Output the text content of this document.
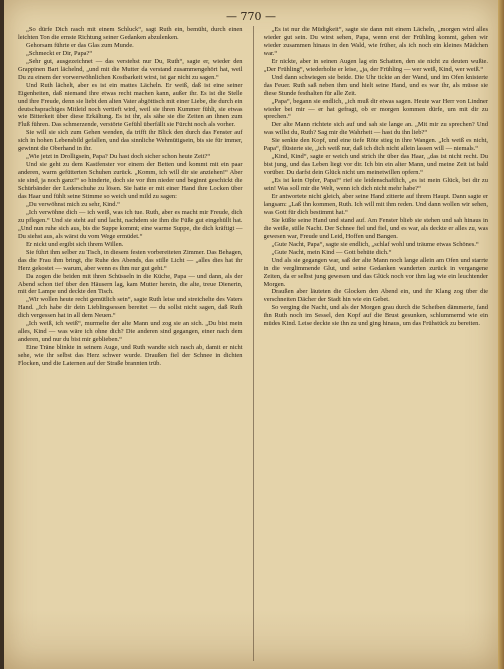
— 770 —

„So dürfe Dich rasch mit einem Schluck“, sagt Ruth ein, bemüht, durch einen leichten Ton die ernste Richtung seiner Gedanken abzulenken.

Gehorsam führte er das Glas zum Munde.

„Schmeckt er Dir, Papa?“

„Sehr gut, ausgezeichnet — das verstehst nur Du, Ruth“, sagte er, wieder den Grappinen Bart lächelnd, „und mit die Mutter da verstand zusammengehört hat, weil Du zu einem der vorwerwöhnlichen Kostbarkeit wirst, ist gar nicht zu sagen.“

Und Ruth lächelt, aber es ist ein mattes Lächeln. Er weiß, daß ist eine seiner Eigenheiten, daß niemand ihre etwas recht machen kann, außer ihr. Es ist die Stelle und ihre Freude, denn sie liebt den alten Vater abgöttisch mit einer Liebe, die durch ein deutschsprachiges Mitleid noch vertieft wird, weil sie ihren Kummer fühlt, sie etwas wie Bitterkeit über diese Erkältung. Es ist ihr, als sähe sie die Zeiten an ihnen zum Fluß führen. Das schmerzende, verstörte Gefühl überfällt sie Fürcht noch als vorher.

Sie will sie sich zum Gehen wenden, da trifft ihr Blick den durch das Fenster auf sich in hohen Lebensbild gefallen, und das sinnliche Wehmütigsein, bis sie für immer, gewinnt die Oberhand in ihr.

„Wie jetzt in Drolligsein, Papa? Du hast doch sicher schon heute Zeit?“

Und sie geht zu dem Kastfenster vor einem der Betten und kommt mit ein paar anderen, warm gefütterten Schuhen zurück. „Komm, ich will dir sie anziehen!“ Aber sie sind, ja noch ganz!“ so hinderte, doch sie vor ihm nieder und beginnt geschickt die Schürbänder der Lederschuhe zu lösen. Sie hatte er mit einer Hand ihre Locken über das Haar und fühlt seine Stimme so weich und mild zu sagen:

„Du verwöhnst mich zu sehr, Kind.“

„Ich verwöhne dich — ich weiß, was ich tue. Ruth, aber es macht mir Freude, dich zu pflegen.“ Und sie steht auf und lacht, nachdem sie ihm die Füße gut eingehüllt hat. „Und nun ruhe sich aus, bis die Suppe kommt; eine warme Suppe, die dich kräftigt — Du siehst aus, als wärst du vom Wege ermüdet.“

Er nickt und ergibt sich ihrem Willen.

Sie führt ihm selber zu Tisch, in diesem festen vorbereiteten Zimmer. Das Behagen, das die Frau ihm bringt, die Ruhe des Abends, das stille Licht — „alles dies hat ihr Herz gekostet — warum, aber wenn es ihm nur gut geht.“

Da zogen die beiden mit ihren Schüsseln in die Küche, Papa — und dann, als der Abend schon tief über den Häusern lag, kam Mutter herein, die alte, treue Dienerin, mit der Lampe und deckte den Tisch.

„Wir wollen heute recht gemütlich sein“, sagte Ruth leise und streichelte des Vaters Hand. „Ich habe dir dein Lieblingsessen bereitet — du sollst nicht sagen, daß Ruth dich vergessen hat in all dem Neuen.“

„Ich weiß, ich weiß“, murmelte der alte Mann und zog sie an sich. „Du bist mein alles, Kind — was wäre ich ohne dich? Die anderen sind gegangen, einer nach dem anderen, und nur du bist mir geblieben.“

Eine Träne blinkte in seinem Auge, und Ruth wandte sich rasch ab, damit er nicht sehe, wie ihr selbst das Herz schwer wurde. Draußen fiel der Schnee in dichten Flocken, und die Laternen auf der Straße brannten trüb.

„Es ist nur die Müdigkeit“, sagte sie dann mit einem Lächeln, „morgen wird alles wieder gut sein. Du wirst sehen, Papa, wenn erst der Frühling kommt, gehen wir wieder zusammen hinaus in den Wald, wie früher, als ich noch ein kleines Mädchen war.“

Er nickte, aber in seinen Augen lag ein Schatten, den sie nicht zu deuten wußte. „Der Frühling“, wiederholte er leise, „ja, der Frühling — wer weiß, Kind, wer weiß.“

Und dann schwiegen sie beide. Die Uhr tickte an der Wand, und im Ofen knisterte das Feuer. Ruth saß neben ihm und hielt seine Hand, und es war ihr, als müsse sie diese Stunde festhalten für alle Zeit.

„Papa“, begann sie endlich, „ich muß dir etwas sagen. Heute war Herr von Lindner wieder bei mir — er hat gefragt, ob er morgen kommen dürfe, um mit dir zu sprechen.“

Der alte Mann richtete sich auf und sah sie lange an. „Mit mir zu sprechen? Und was willst du, Ruth? Sag mir die Wahrheit — hast du ihn lieb?“

Sie senkte den Kopf, und eine tiefe Röte stieg in ihre Wangen. „Ich weiß es nicht, Papa“, flüsterte sie, „ich weiß nur, daß ich dich nicht allein lassen will — niemals.“

„Kind, Kind“, sagte er weich und strich ihr über das Haar, „das ist nicht recht. Du bist jung, und das Leben liegt vor dir. Ich bin ein alter Mann, und meine Zeit ist bald vorüber. Du darfst dein Glück nicht um meinetwillen opfern.“

„Es ist kein Opfer, Papa!“ rief sie leidenschaftlich, „es ist mein Glück, bei dir zu sein! Was soll mir die Welt, wenn ich dich nicht mehr habe?“

Er antwortete nicht gleich, aber seine Hand zitterte auf ihrem Haupt. Dann sagte er langsam: „Laß ihn kommen, Ruth. Ich will mit ihm reden. Und dann wollen wir sehen, was Gott für dich bestimmt hat.“

Sie küßte seine Hand und stand auf. Am Fenster blieb sie stehen und sah hinaus in die weiße, stille Nacht. Der Schnee fiel und fiel, und es war, als deckte er alles zu, was gewesen war, Freude und Leid, Hoffen und Bangen.

„Gute Nacht, Papa“, sagte sie endlich, „schlaf wohl und träume etwas Schönes.“

„Gute Nacht, mein Kind — Gott behüte dich.“

Und als sie gegangen war, saß der alte Mann noch lange allein am Ofen und starrte in die verglimmende Glut, und seine Gedanken wanderten zurück in vergangene Zeiten, da er selbst jung gewesen und das Glück noch vor ihm lag wie ein leuchtender Morgen.

Draußen aber läuteten die Glocken den Abend ein, und ihr Klang zog über die verschneiten Dächer der Stadt hin wie ein Gebet.

So verging die Nacht, und als der Morgen grau durch die Scheiben dämmerte, fand ihn Ruth noch im Sessel, den Kopf auf die Brust gesunken, schlummernd wie ein müdes Kind. Leise deckte sie ihn zu und ging hinaus, um das Frühstück zu bereiten.
